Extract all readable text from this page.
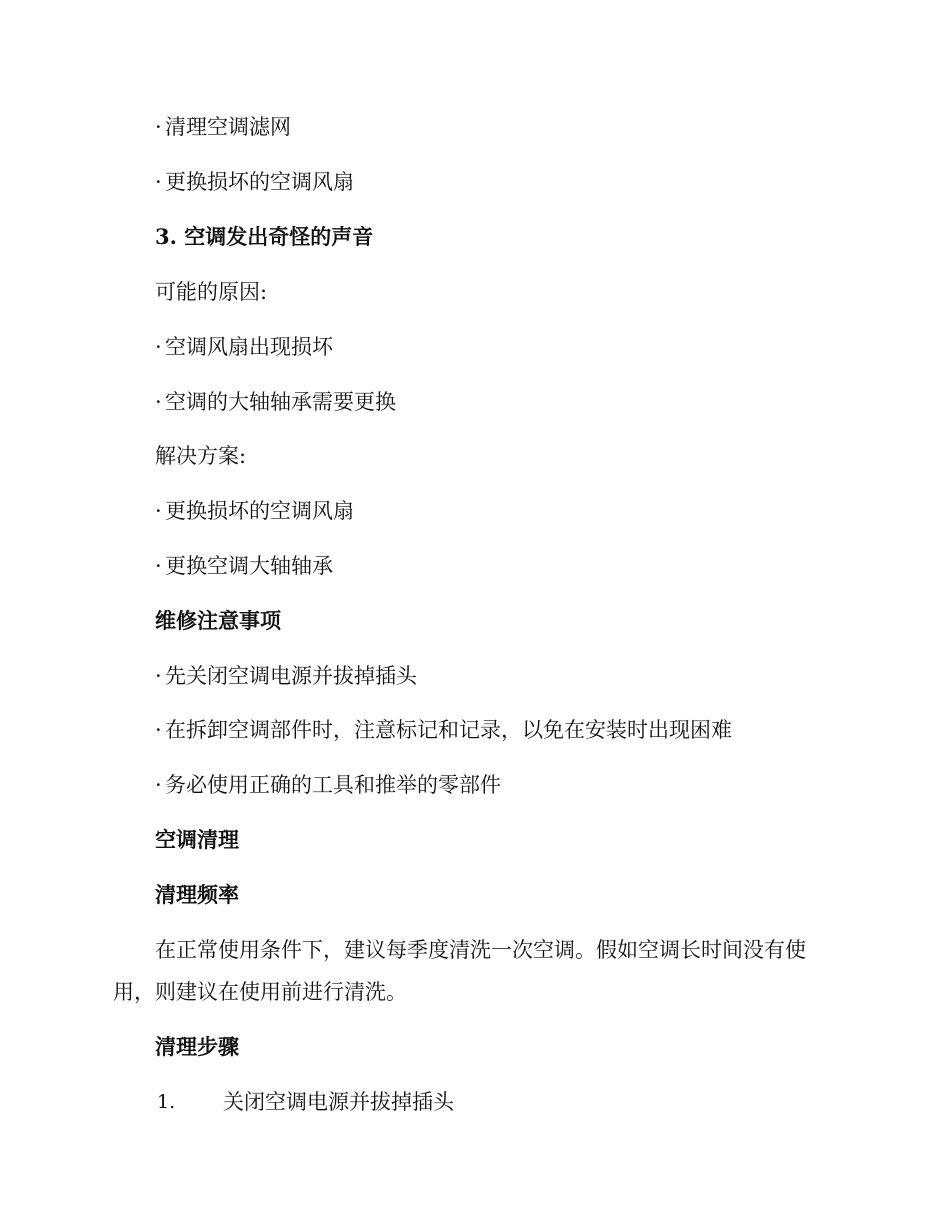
· 清理空调滤网
· 更换损坏的空调风扇
3. 空调发出奇怪的声音
可能的原因:
· 空调风扇出现损坏
· 空调的大轴轴承需要更换
解决方案:
· 更换损坏的空调风扇
· 更换空调大轴轴承
维修注意事项
· 先关闭空调电源并拔掉插头
· 在拆卸空调部件时，注意标记和记录，以免在安装时出现困难
· 务必使用正确的工具和推举的零部件
空调清理
清理频率
在正常使用条件下，建议每季度清洗一次空调。假如空调长时间没有使
用，则建议在使用前进行清洗。
清理步骤
1. 关闭空调电源并拔掉插头
